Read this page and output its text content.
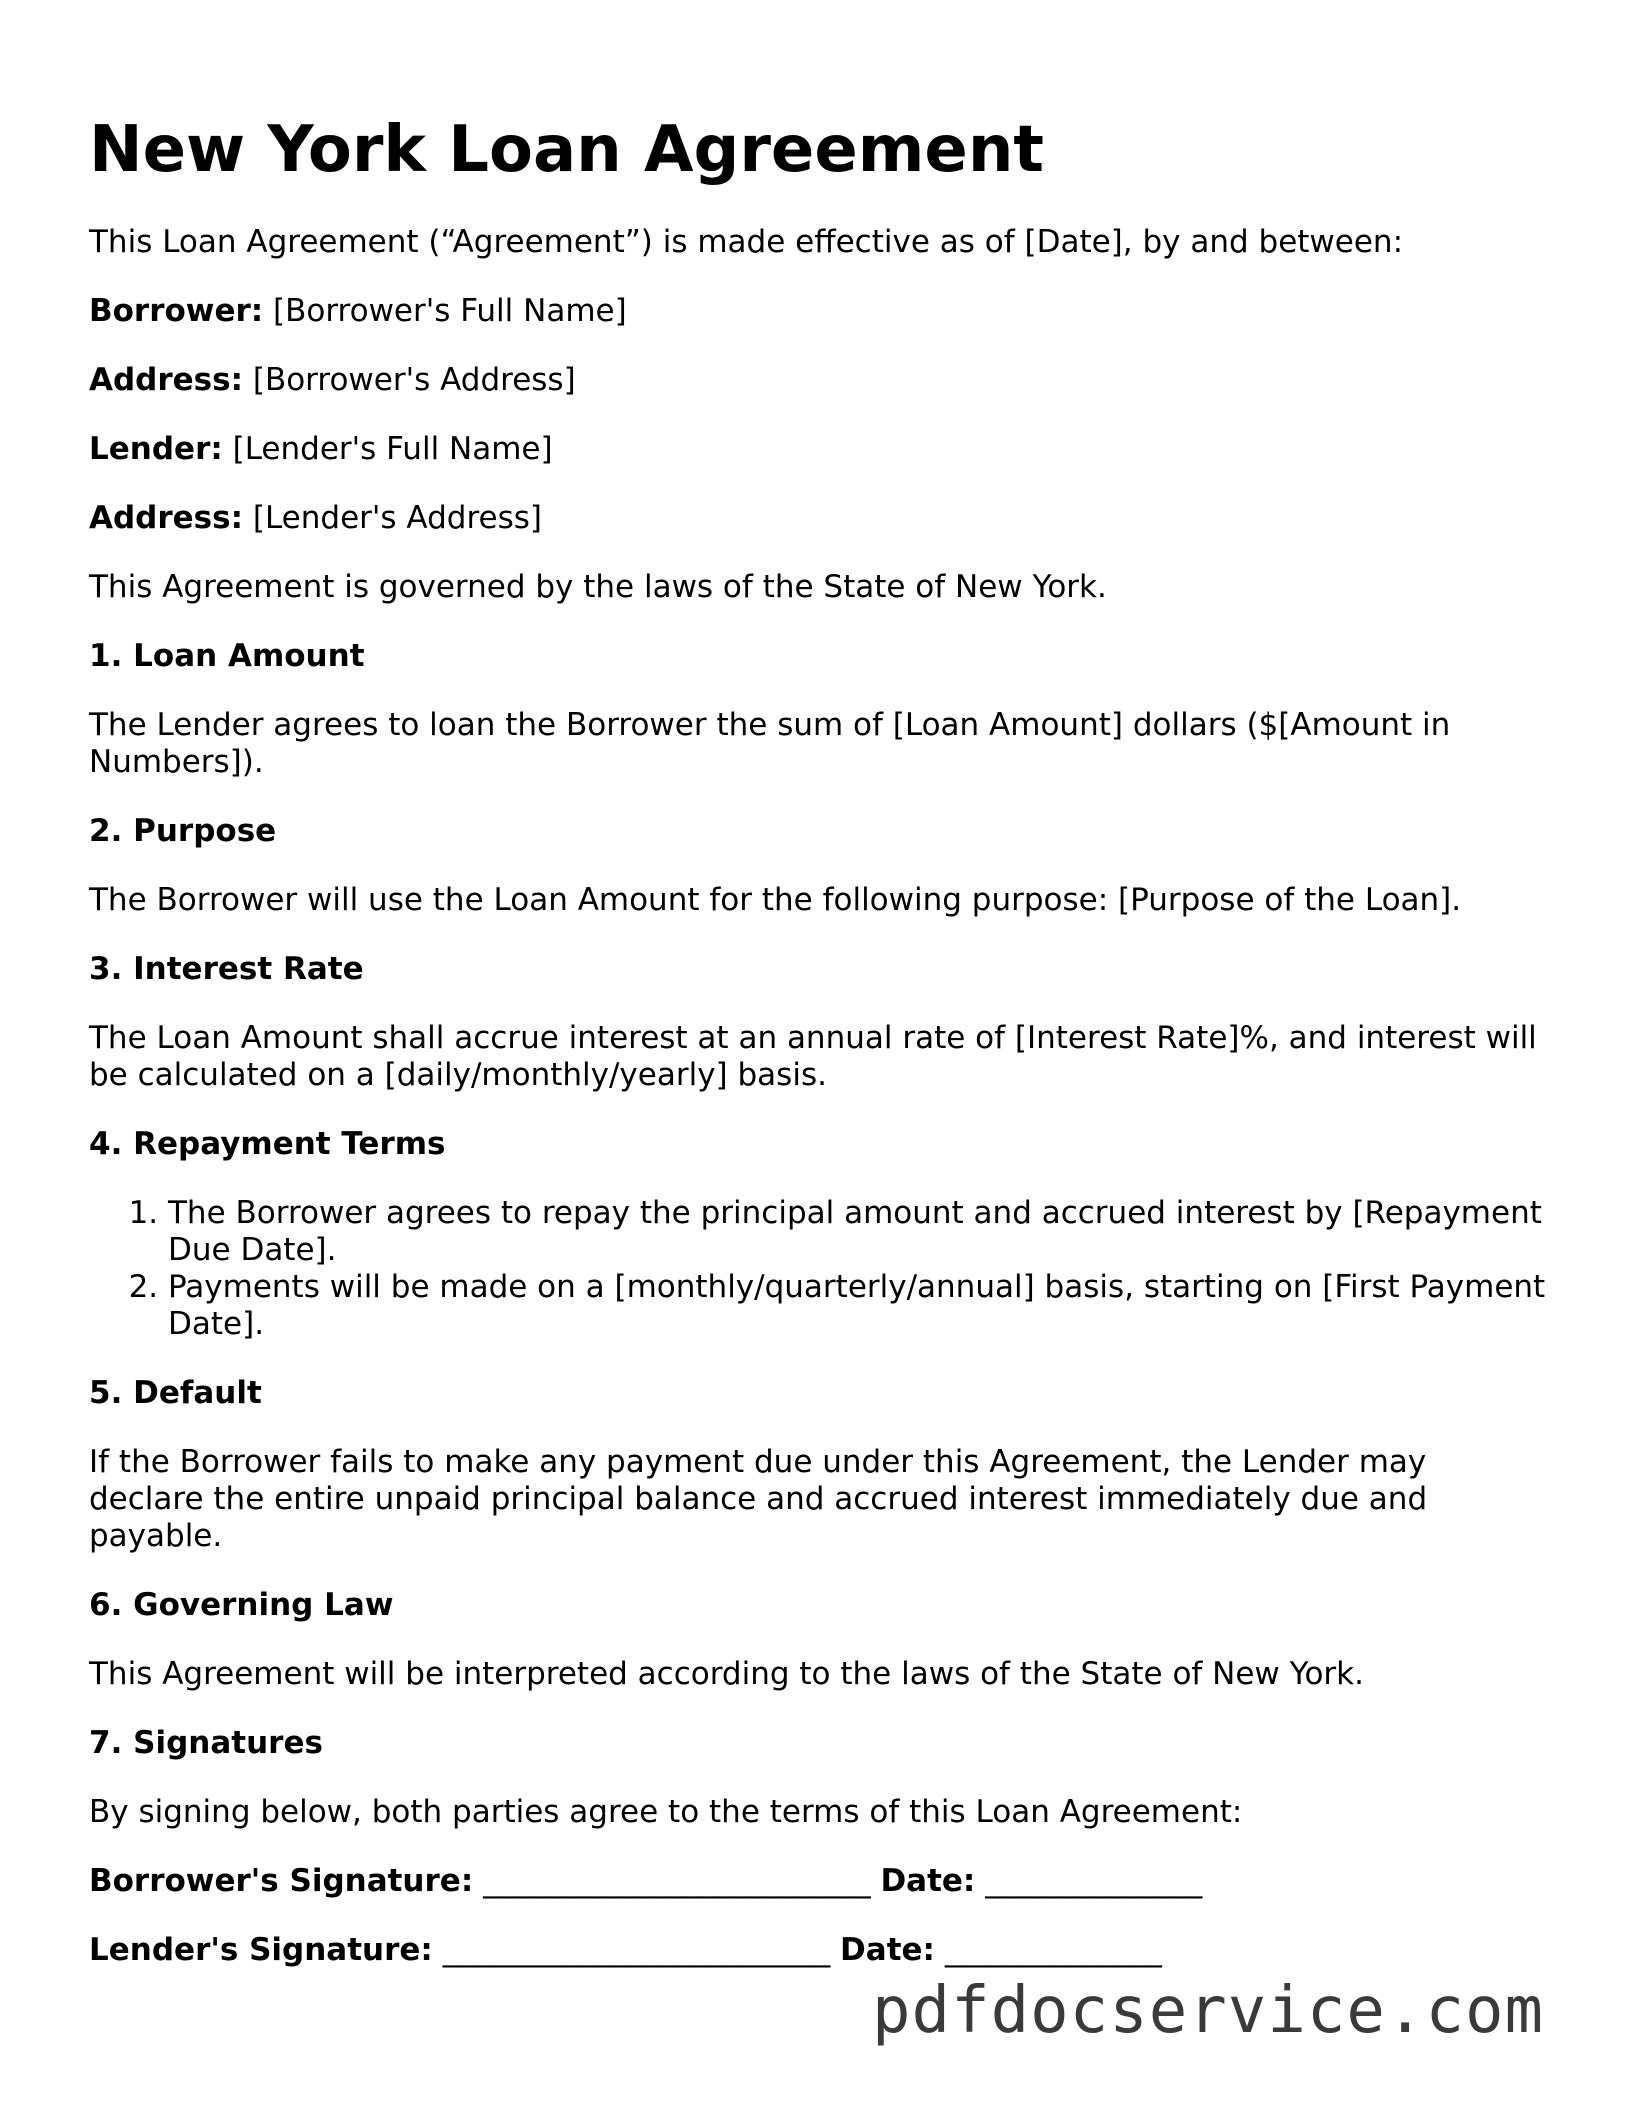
New York Loan Agreement

This Loan Agreement (“Agreement”) is made effective as of [Date], by and between:

Borrower: [Borrower's Full Name]

Address: [Borrower's Address]

Lender: [Lender's Full Name]

Address: [Lender's Address]

This Agreement is governed by the laws of the State of New York.

1. Loan Amount

The Lender agrees to loan the Borrower the sum of [Loan Amount] dollars ($[Amount in Numbers]).

2. Purpose

The Borrower will use the Loan Amount for the following purpose: [Purpose of the Loan].

3. Interest Rate

The Loan Amount shall accrue interest at an annual rate of [Interest Rate]%, and interest will be calculated on a [daily/monthly/yearly] basis.

4. Repayment Terms
1. The Borrower agrees to repay the principal amount and accrued interest by [Repayment Due Date].
2. Payments will be made on a [monthly/quarterly/annual] basis, starting on [First Payment Date].
5. Default

If the Borrower fails to make any payment due under this Agreement, the Lender may declare the entire unpaid principal balance and accrued interest immediately due and payable.

6. Governing Law

This Agreement will be interpreted according to the laws of the State of New York.

7. Signatures

By signing below, both parties agree to the terms of this Loan Agreement:

Borrower's Signature: _________________________ Date: ______________

Lender's Signature: _________________________ Date: ______________

pdfdocservice.com
